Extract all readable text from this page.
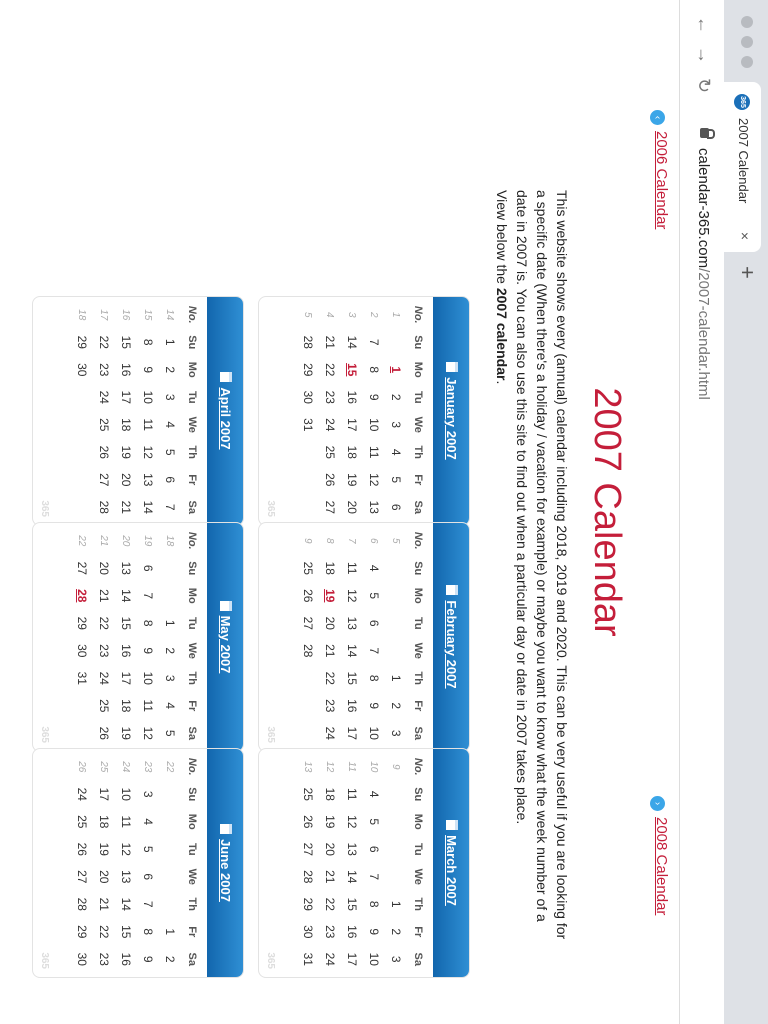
365
2007 Calendar
×
+
←
→
↻
calendar-365.com/2007-calendar.html
‹2006 Calendar
›2008 Calendar
2007 Calendar
This website shows every (annual) calendar including 2018, 2019 and 2020. This can be very useful if you are looking for a specific date (When there's a holiday / vacation for example) or maybe you want to know what the week number of a date in 2007 is. You can also use this site to find out when a particular day or date in 2007 takes place.
View below the 2007 calendar.
January 2007
No.	Su	Mo	Tu	We	Th	Fr	Sa
1		1	2	3	4	5	6
2	7	8	9	10	11	12	13
3	14	15	16	17	18	19	20
4	21	22	23	24	25	26	27
5	28	29	30	31			
365
February 2007
No.	Su	Mo	Tu	We	Th	Fr	Sa
5					1	2	3
6	4	5	6	7	8	9	10
7	11	12	13	14	15	16	17
8	18	19	20	21	22	23	24
9	25	26	27	28			
365
March 2007
No.	Su	Mo	Tu	We	Th	Fr	Sa
9					1	2	3
10	4	5	6	7	8	9	10
11	11	12	13	14	15	16	17
12	18	19	20	21	22	23	24
13	25	26	27	28	29	30	31
365
April 2007
No.	Su	Mo	Tu	We	Th	Fr	Sa
14	1	2	3	4	5	6	7
15	8	9	10	11	12	13	14
16	15	16	17	18	19	20	21
17	22	23	24	25	26	27	28
18	29	30					
365
May 2007
No.	Su	Mo	Tu	We	Th	Fr	Sa
18			1	2	3	4	5
19	6	7	8	9	10	11	12
20	13	14	15	16	17	18	19
21	20	21	22	23	24	25	26
22	27	28	29	30	31		
365
June 2007
No.	Su	Mo	Tu	We	Th	Fr	Sa
22						1	2
23	3	4	5	6	7	8	9
24	10	11	12	13	14	15	16
25	17	18	19	20	21	22	23
26	24	25	26	27	28	29	30
365
